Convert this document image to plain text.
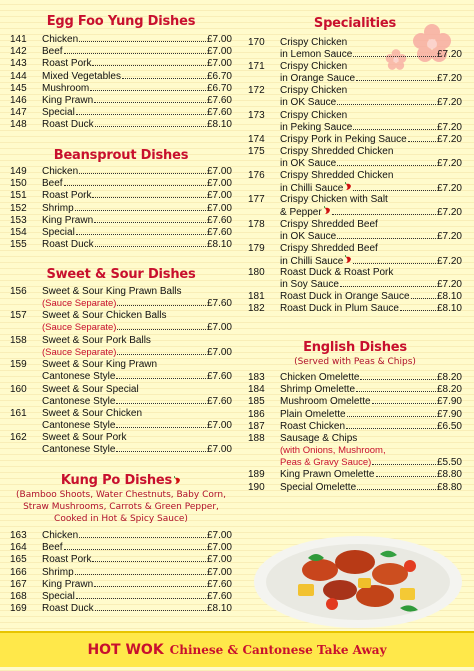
Egg Foo Yung Dishes
141	Chicken	£7.00
142	Beef	£7.00
143	Roast Pork	£7.00
144	Mixed Vegetables	£6.70
145	Mushroom	£6.70
146	King Prawn	£7.60
147	Special	£7.60
148	Roast Duck	£8.10
Beansprout Dishes
149	Chicken	£7.00
150	Beef	£7.00
151	Roast Pork	£7.00
152	Shrimp	£7.00
153	King Prawn	£7.60
154	Special	£7.60
155	Roast Duck	£8.10
Sweet & Sour Dishes
156	Sweet & Sour King Prawn Balls
(Sauce Separate)	£7.60
157	Sweet & Sour Chicken Balls
(Sauce Separate)	£7.00
158	Sweet & Sour Pork Balls
(Sauce Separate)	£7.00
159	Sweet & Sour King Prawn
Cantonese Style	£7.60
160	Sweet & Sour Special
Cantonese Style	£7.60
161	Sweet & Sour Chicken
Cantonese Style	£7.00
162	Sweet & Sour Pork
Cantonese Style	£7.00
Kung Po Dishes
(Bamboo Shoots, Water Chestnuts, Baby Corn,
Straw Mushrooms, Carrots & Green Pepper,
Cooked in Hot & Spicy Sauce)
163	Chicken	£7.00
164	Beef	£7.00
165	Roast Pork	£7.00
166	Shrimp	£7.00
167	King Prawn	£7.60
168	Special	£7.60
169	Roast Duck	£8.10
Specialities
170	Crispy Chicken
in Lemon Sauce	£7.20
171	Crispy Chicken
in Orange Sauce	£7.20
172	Crispy Chicken
in OK Sauce	£7.20
173	Crispy Chicken
in Peking Sauce	£7.20
174	Crispy Pork in Peking Sauce	£7.20
175	Crispy Shredded Chicken
in OK Sauce	£7.20
176	Crispy Shredded Chicken
in Chilli Sauce	£7.20
177	Crispy Chicken with Salt
& Pepper	£7.20
178	Crispy Shredded Beef
in OK Sauce	£7.20
179	Crispy Shredded Beef
in Chilli Sauce	£7.20
180	Roast Duck & Roast Pork
in Soy Sauce	£7.20
181	Roast Duck in Orange Sauce	£8.10
182	Roast Duck in Plum Sauce	£8.10
English Dishes
(Served with Peas & Chips)
183	Chicken Omelette	£8.20
184	Shrimp Omelette	£8.20
185	Mushroom Omelette	£7.90
186	Plain Omelette	£7.90
187	Roast Chicken	£6.50
188	Sausage & Chips
(with Onions, Mushroom,
Peas & Gravy Sauce)	£5.50
189	King Prawn Omelette	£8.80
190	Special Omelette	£8.80
HOT WOK Chinese & Cantonese Take Away
